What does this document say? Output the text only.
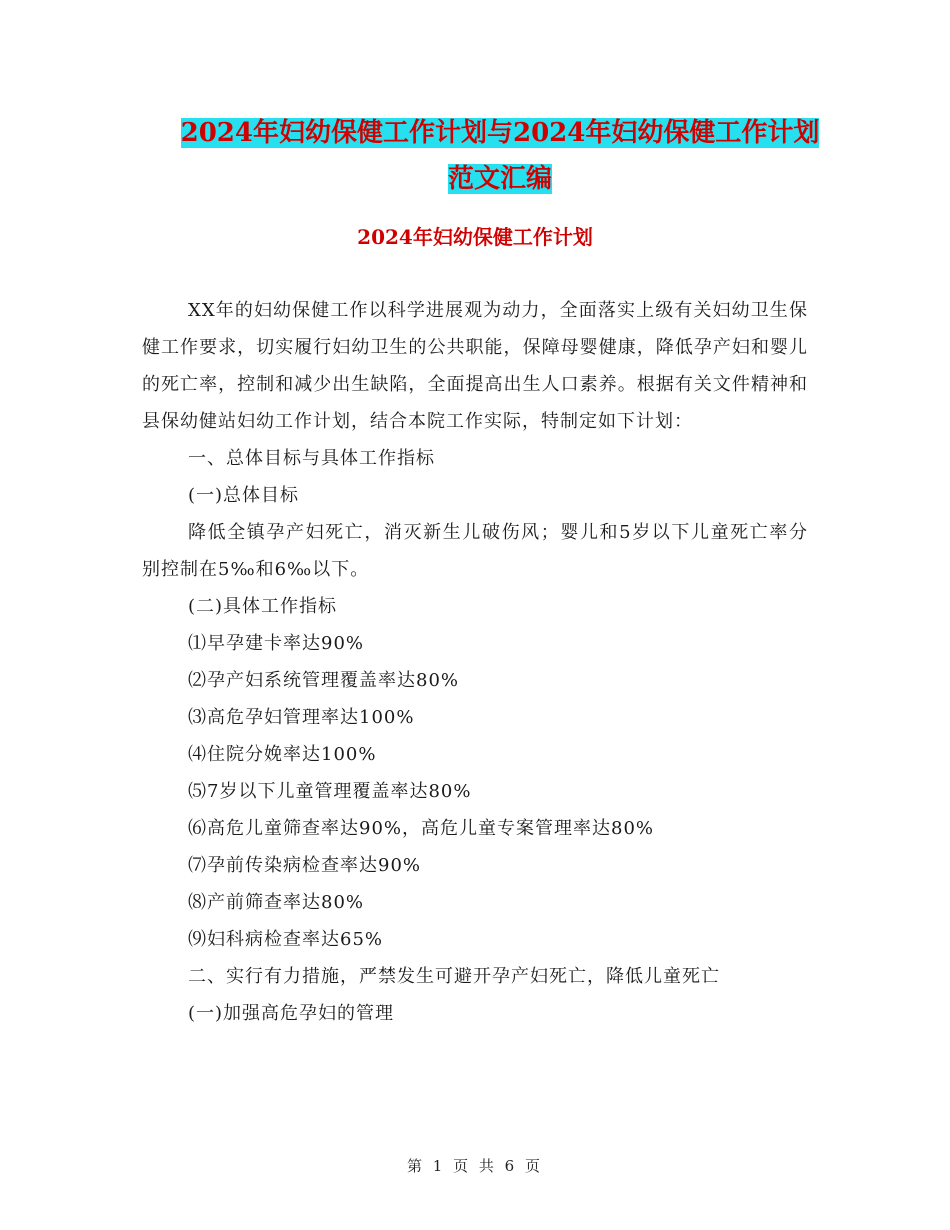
2024年妇幼保健工作计划与2024年妇幼保健工作计划
范文汇编
2024年妇幼保健工作计划

XX年的妇幼保健工作以科学进展观为动力，全面落实上级有关妇幼卫生保健工作要求，切实履行妇幼卫生的公共职能，保障母婴健康，降低孕产妇和婴儿的死亡率，控制和减少出生缺陷，全面提高出生人口素养。根据有关文件精神和县保幼健站妇幼工作计划，结合本院工作实际，特制定如下计划：

一、总体目标与具体工作指标

(一)总体目标

降低全镇孕产妇死亡，消灭新生儿破伤风；婴儿和5岁以下儿童死亡率分别控制在5‰和6‰以下。

(二)具体工作指标

⑴早孕建卡率达90%

⑵孕产妇系统管理覆盖率达80%

⑶高危孕妇管理率达100%

⑷住院分娩率达100%

⑸7岁以下儿童管理覆盖率达80%

⑹高危儿童筛查率达90%，高危儿童专案管理率达80%

⑺孕前传染病检查率达90%

⑻产前筛查率达80%

⑼妇科病检查率达65%

二、实行有力措施，严禁发生可避开孕产妇死亡，降低儿童死亡

(一)加强高危孕妇的管理

第 1 页 共 6 页
